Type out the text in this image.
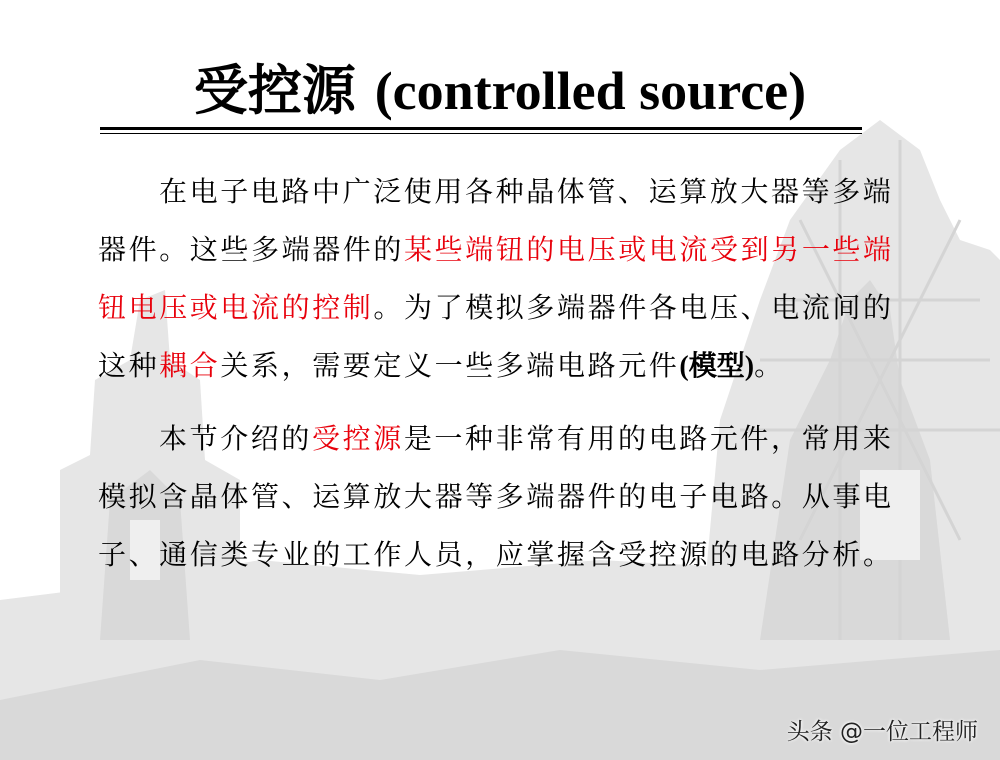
受控源 (controlled source)

在电子电路中广泛使用各种晶体管、运算放大器等多端器件。这些多端器件的某些端钮的电压或电流受到另一些端钮电压或电流的控制。为了模拟多端器件各电压、电流间的这种耦合关系，需要定义一些多端电路元件(模型)。

本节介绍的受控源是一种非常有用的电路元件，常用来模拟含晶体管、运算放大器等多端器件的电子电路。从事电子、通信类专业的工作人员，应掌握含受控源的电路分析。

头条 @一位工程师
